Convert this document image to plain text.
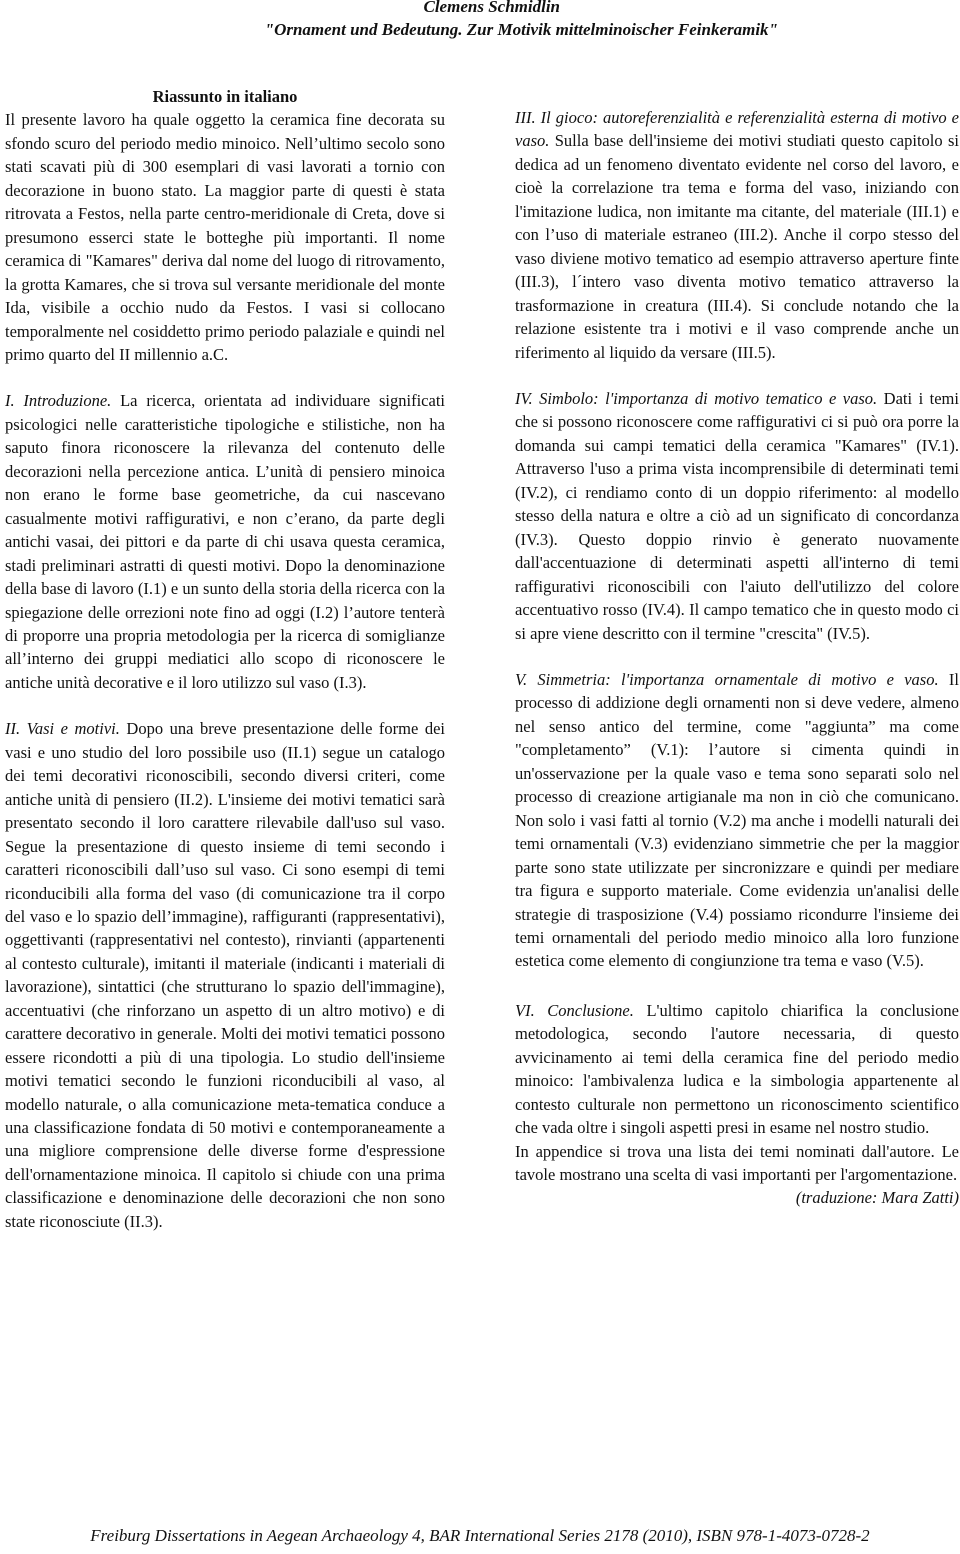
Clemens Schmidlin
"Ornament und Bedeutung. Zur Motivik mittelminoischer Feinkeramik"

Riassunto in italiano

Il presente lavoro ha quale oggetto la ceramica fine decorata su sfondo scuro del periodo medio minoico. Nell’ultimo secolo sono stati scavati più di 300 esemplari di vasi lavorati a tornio con decorazione in buono stato. La maggior parte di questi è stata ritrovata a Festos, nella parte centro-meridionale di Creta, dove si presumono esserci state le botteghe più importanti. Il nome ceramica di "Kamares" deriva dal nome del luogo di ritrovamento, la grotta Kamares, che si trova sul versante meridionale del monte Ida, visibile a occhio nudo da Festos. I vasi si collocano temporalmente nel cosiddetto primo periodo palaziale e quindi nel primo quarto del II millennio a.C.

I. Introduzione. La ricerca, orientata ad individuare significati psicologici nelle caratteristiche tipologiche e stilistiche, non ha saputo finora riconoscere la rilevanza del contenuto delle decorazioni nella percezione antica. L’unità di pensiero minoica non erano le forme base geometriche, da cui nascevano casualmente motivi raffigurativi, e non c’erano, da parte degli antichi vasai, dei pittori e da parte di chi usava questa ceramica, stadi preliminari astratti di questi motivi. Dopo la denominazione della base di lavoro (I.1) e un sunto della storia della ricerca con la spiegazione delle orrezioni note fino ad oggi (I.2) l’autore tenterà di proporre una propria metodologia per la ricerca di somiglianze all’interno dei gruppi mediatici allo scopo di riconoscere le antiche unità decorative e il loro utilizzo sul vaso (I.3).

II. Vasi e motivi. Dopo una breve presentazione delle forme dei vasi e uno studio del loro possibile uso (II.1) segue un catalogo dei temi decorativi riconoscibili, secondo diversi criteri, come antiche unità di pensiero (II.2). L'insieme dei motivi tematici sarà presentato secondo il loro carattere rilevabile dall'uso sul vaso. Segue la presentazione di questo insieme di temi secondo i caratteri riconoscibili dall’uso sul vaso. Ci sono esempi di temi riconducibili alla forma del vaso (di comunicazione tra il corpo del vaso e lo spazio dell’immagine), raffiguranti (rappresentativi), oggettivanti (rappresentativi nel contesto), rinvianti (appartenenti al contesto culturale), imitanti il materiale (indicanti i materiali di lavorazione), sintattici (che strutturano lo spazio dell'immagine), accentuativi (che rinforzano un aspetto di un altro motivo) e di carattere decorativo in generale. Molti dei motivi tematici possono essere ricondotti a più di una tipologia. Lo studio dell'insieme motivi tematici secondo le funzioni riconducibili al vaso, al modello naturale, o alla comunicazione meta-tematica conduce a una classificazione fondata di 50 motivi e contemporaneamente a una migliore comprensione delle diverse forme d'espressione dell'ornamentazione minoica. Il capitolo si chiude con una prima classificazione e denominazione delle decorazioni che non sono state riconosciute (II.3).

III. Il gioco: autoreferenzialità e referenzialità esterna di motivo e vaso. Sulla base dell'insieme dei motivi studiati questo capitolo si dedica ad un fenomeno diventato evidente nel corso del lavoro, e cioè la correlazione tra tema e forma del vaso, iniziando con l'imitazione ludica, non imitante ma citante, del materiale (III.1) e con l’uso di materiale estraneo (III.2). Anche il corpo stesso del vaso diviene motivo tematico ad esempio attraverso aperture finte (III.3), l´intero vaso diventa motivo tematico attraverso la trasformazione in creatura (III.4). Si conclude notando che la relazione esistente tra i motivi e il vaso comprende anche un riferimento al liquido da versare (III.5).

IV. Simbolo: l'importanza di motivo tematico e vaso. Dati i temi che si possono riconoscere come raffigurativi ci si può ora porre la domanda sui campi tematici della ceramica "Kamares" (IV.1). Attraverso l'uso a prima vista incomprensibile di determinati temi (IV.2), ci rendiamo conto di un doppio riferimento: al modello stesso della natura e oltre a ciò ad un significato di concordanza (IV.3). Questo doppio rinvio è generato nuovamente dall'accentuazione di determinati aspetti all'interno di temi raffigurativi riconoscibili con l'aiuto dell'utilizzo del colore accentuativo rosso (IV.4). Il campo tematico che in questo modo ci si apre viene descritto con il termine "crescita" (IV.5).

V. Simmetria: l'importanza ornamentale di motivo e vaso. Il processo di addizione degli ornamenti non si deve vedere, almeno nel senso antico del termine, come "aggiunta” ma come "completamento” (V.1): l’autore si cimenta quindi in un'osservazione per la quale vaso e tema sono separati solo nel processo di creazione artigianale ma non in ciò che comunicano. Non solo i vasi fatti al tornio (V.2) ma anche i modelli naturali dei temi ornamentali (V.3) evidenziano simmetrie che per la maggior parte sono state utilizzate per sincronizzare e quindi per mediare tra figura e supporto materiale. Come evidenzia un'analisi delle strategie di trasposizione (V.4) possiamo ricondurre l'insieme dei temi ornamentali del periodo medio minoico alla loro funzione estetica come elemento di congiunzione tra tema e vaso (V.5).

VI. Conclusione. L'ultimo capitolo chiarifica la conclusione metodologica, secondo l'autore necessaria, di questo avvicinamento ai temi della ceramica fine del periodo medio minoico: l'ambivalenza ludica e la simbologia appartenente al contesto culturale non permettono un riconoscimento scientifico che vada oltre i singoli aspetti presi in esame nel nostro studio.

In appendice si trova una lista dei temi nominati dall'autore. Le tavole mostrano una scelta di vasi importanti per l'argomentazione.

(traduzione: Mara Zatti)

Freiburg Dissertations in Aegean Archaeology 4, BAR International Series 2178 (2010), ISBN 978-1-4073-0728-2
